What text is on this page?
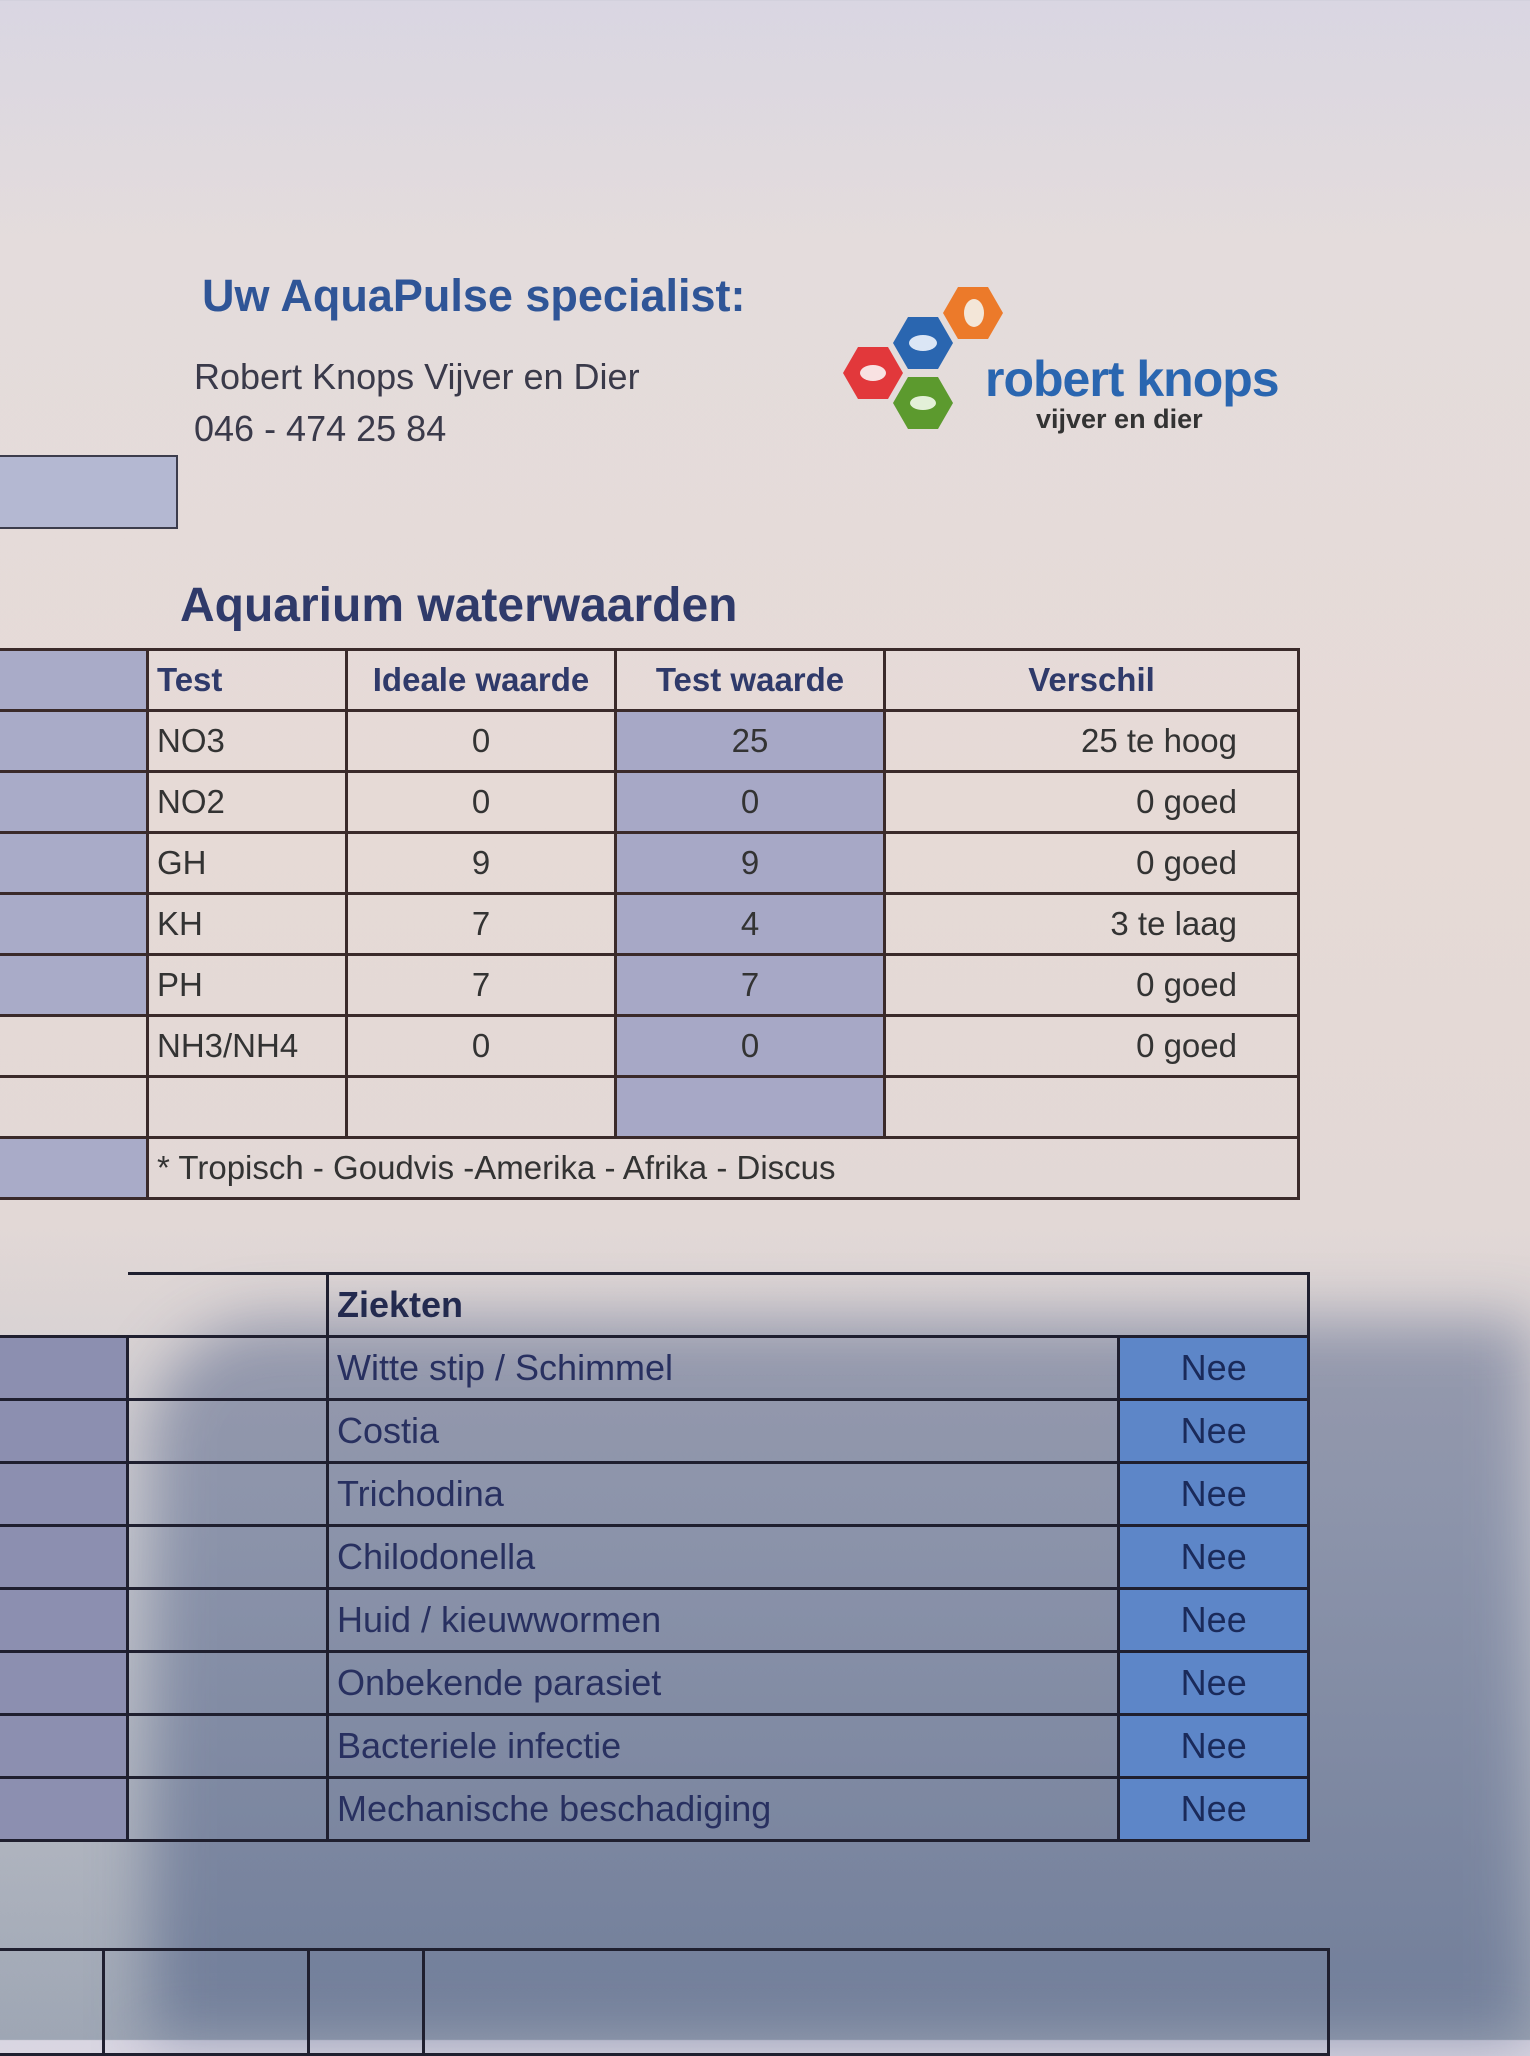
Uw AquaPulse specialist:
Robert Knops Vijver en Dier
046 - 474 25 84
robert knops
vijver en dier
Aquarium waterwaarden
	Test	Ideale waarde	Test waarde	Verschil
	NO3	0	25	25 te hoog
	NO2	0	0	0 goed
	GH	9	9	0 goed
	KH	7	4	3 te laag
	PH	7	7	0 goed
	NH3/NH4	0	0	0 goed

	* Tropisch - Goudvis -Amerika - Afrika - Discus			
		Ziekten	
		Witte stip / Schimmel	Nee
		Costia	Nee
		Trichodina	Nee
		Chilodonella	Nee
		Huid / kieuwwormen	Nee
		Onbekende parasiet	Nee
		Bacteriele infectie	Nee
		Mechanische beschadiging	Nee
